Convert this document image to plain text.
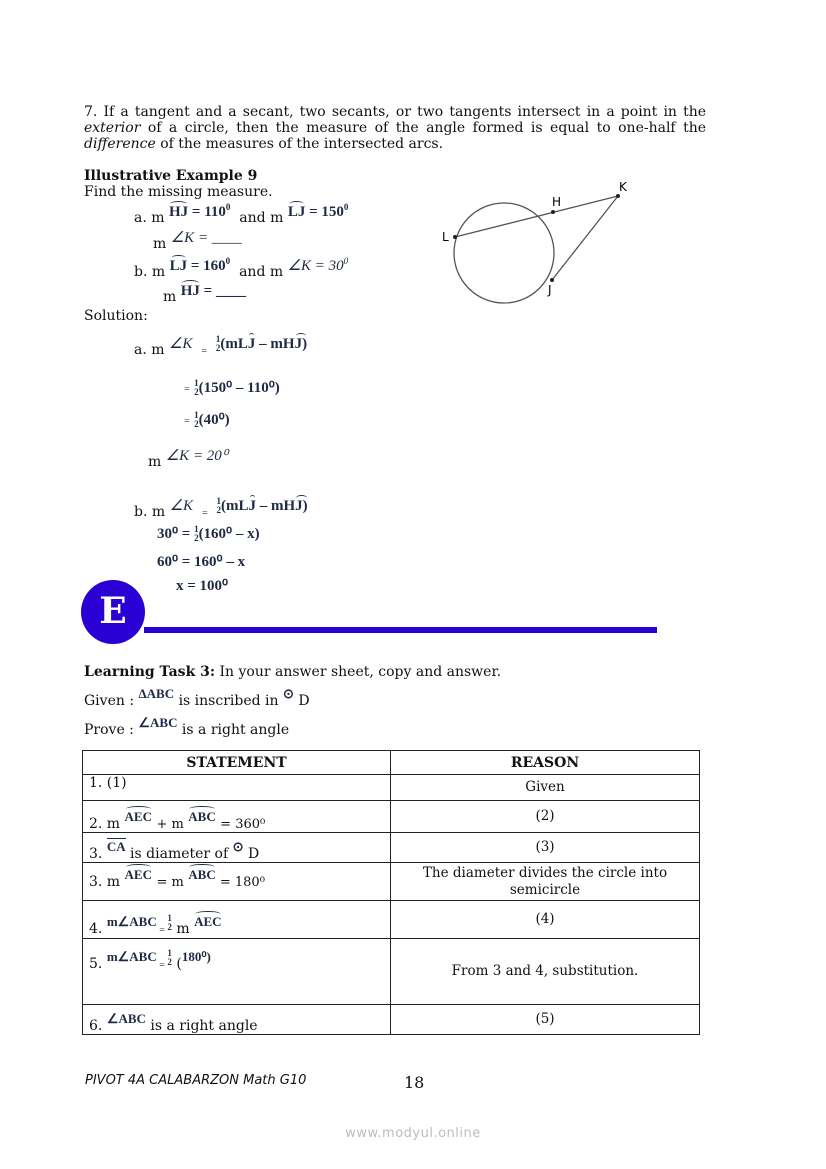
7. If a tangent and a secant, two secants, or two tangents intersect in a point in the exterior of a circle, then the measure of the angle formed is equal to one-half the difference of the measures of the intersected arcs.
Illustrative Example 9
Find the missing measure.
a. m HJ = $110^0$  and m LJ = $150^0$
m ∠K = ____
b. m LJ = $160^0$  and m ∠K = $30^0$
m HJ = ____
L
H
K
J
Solution:
a. m ∠K =
1
2 (mLJ – mHJ)
=
1
2 (150⁰ – 110⁰)
=
1
2 (40⁰)
m ∠K = 20⁰
b. m ∠K =
1
2 (mLJ – mHJ)
30⁰ = 1
2 (160⁰ – x)
60⁰ = 160⁰ – x
x = 100⁰
E
Learning Task 3: In your answer sheet, copy and answer.
Given : ΔABC is inscribed in ⊙ D
Prove : ∠ABC is a right angle
STATEMENT	REASON
1. (1)	Given
2. m AEC + m ABC = 360⁰	(2)
3. CA is diameter of ⊙ D	(3)
3. m AEC = m ABC = 180⁰	The diameter divides the circle into semicircle
4. m∠ABC =
1
2 m AEC	(4)
5. m∠ABC =
1
2 (180⁰)	From 3 and 4, substitution.
6. ∠ABC is a right angle	(5)
PIVOT 4A CALABARZON Math G10	18
www.modyul.online
